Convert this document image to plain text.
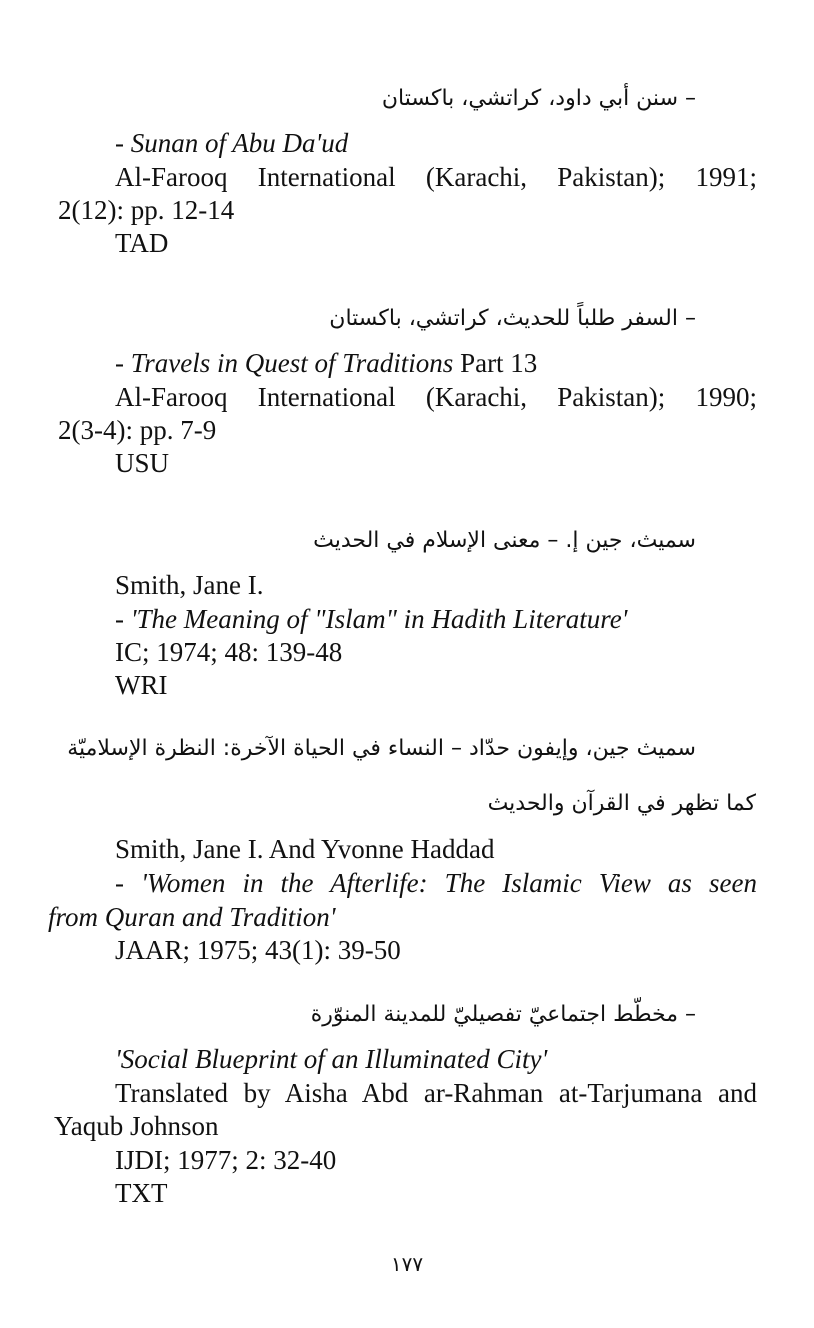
– سنن أبي داود، كراتشي، باكستان
- Sunan of Abu Da'ud
Al-Farooq International (Karachi, Pakistan); 1991;
2(12): pp. 12-14
TAD
– السفر طلباً للحديث، كراتشي، باكستان
- Travels in Quest of Traditions Part 13
Al-Farooq International (Karachi, Pakistan); 1990;
2(3-4): pp. 7-9
USU
سميث، جين إ. – معنى الإسلام في الحديث
Smith, Jane I.
- 'The Meaning of "Islam" in Hadith Literature'
IC; 1974; 48: 139-48
WRI
سميث جين، وإيفون حدّاد – النساء في الحياة الآخرة: النظرة الإسلاميّة
كما تظهر في القرآن والحديث
Smith, Jane I. And Yvonne Haddad
- 'Women in the Afterlife: The Islamic View as seen
from Quran and Tradition'
JAAR; 1975; 43(1): 39-50
– مخطّط اجتماعيّ تفصيليّ للمدينة المنوّرة
'Social Blueprint of an Illuminated City'
Translated by Aisha Abd ar-Rahman at-Tarjumana and
Yaqub Johnson
IJDI; 1977; 2: 32-40
TXT
١٧٧
